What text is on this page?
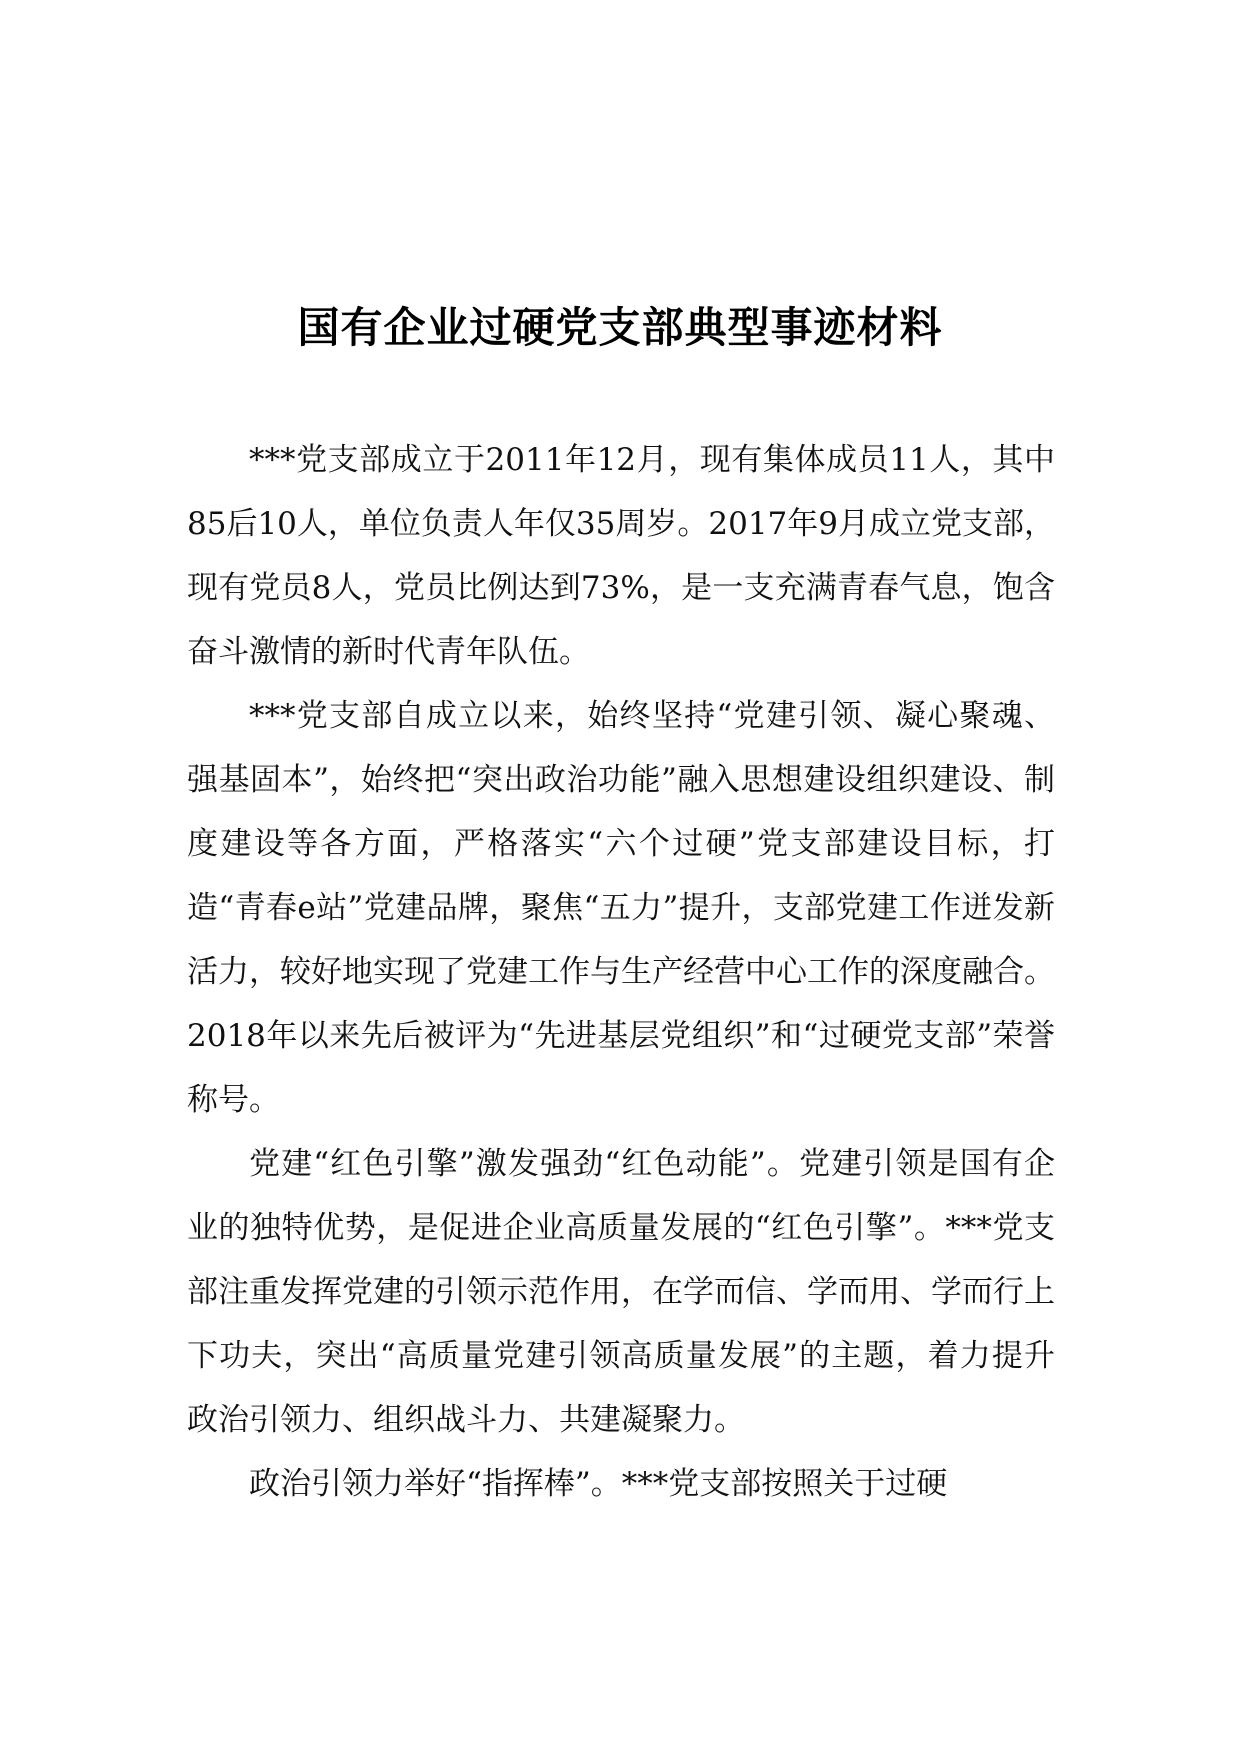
国有企业过硬党支部典型事迹材料

***党支部成立于2011年12月，现有集体成员11人，其中85后10人，单位负责人年仅35周岁。2017年9月成立党支部，现有党员8人，党员比例达到73%，是一支充满青春气息，饱含奋斗激情的新时代青年队伍。

***党支部自成立以来，始终坚持“党建引领、凝心聚魂、强基固本”，始终把“突出政治功能”融入思想建设组织建设、制度建设等各方面，严格落实“六个过硬”党支部建设目标，打造“青春e站”党建品牌，聚焦“五力”提升，支部党建工作迸发新活力，较好地实现了党建工作与生产经营中心工作的深度融合。2018年以来先后被评为“先进基层党组织”和“过硬党支部”荣誉称号。

党建“红色引擎”激发强劲“红色动能”。党建引领是国有企业的独特优势，是促进企业高质量发展的“红色引擎”。***党支部注重发挥党建的引领示范作用，在学而信、学而用、学而行上下功夫，突出“高质量党建引领高质量发展”的主题，着力提升政治引领力、组织战斗力、共建凝聚力。

政治引领力举好“指挥棒”。***党支部按照关于过硬
